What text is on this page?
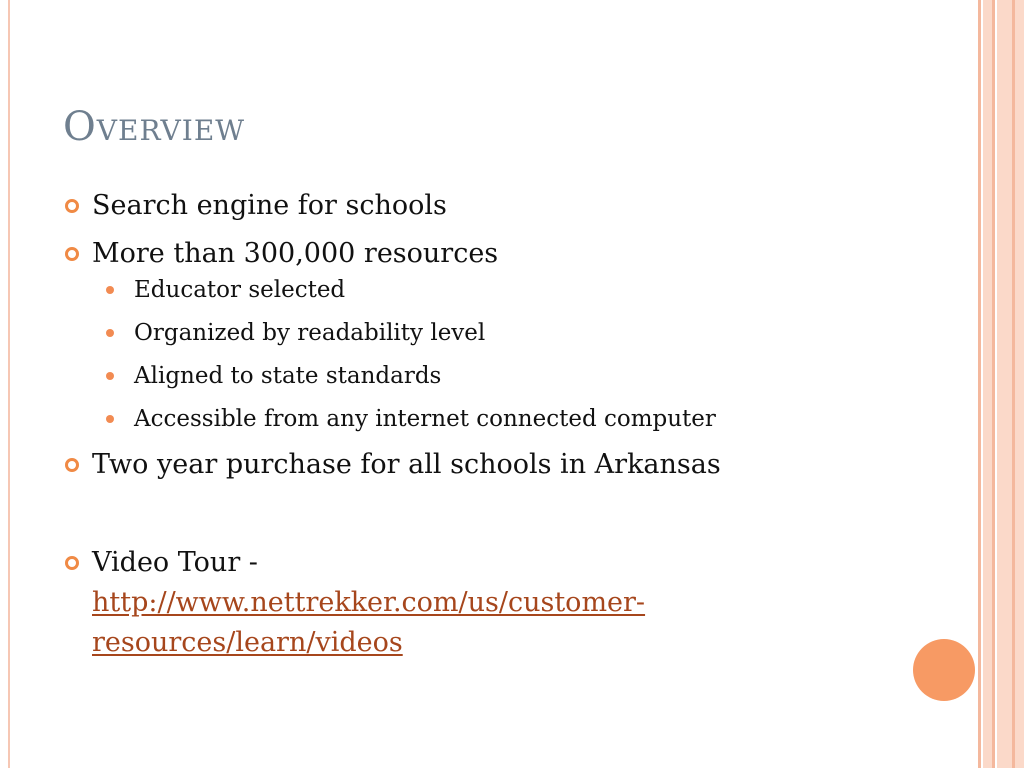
Overview
Search engine for schools
More than 300,000 resources
Educator selected
Organized by readability level
Aligned to state standards
Accessible from any internet connected computer
Two year purchase for all schools in Arkansas
Video Tour -
http://www.nettrekker.com/us/customer-
resources/learn/videos
